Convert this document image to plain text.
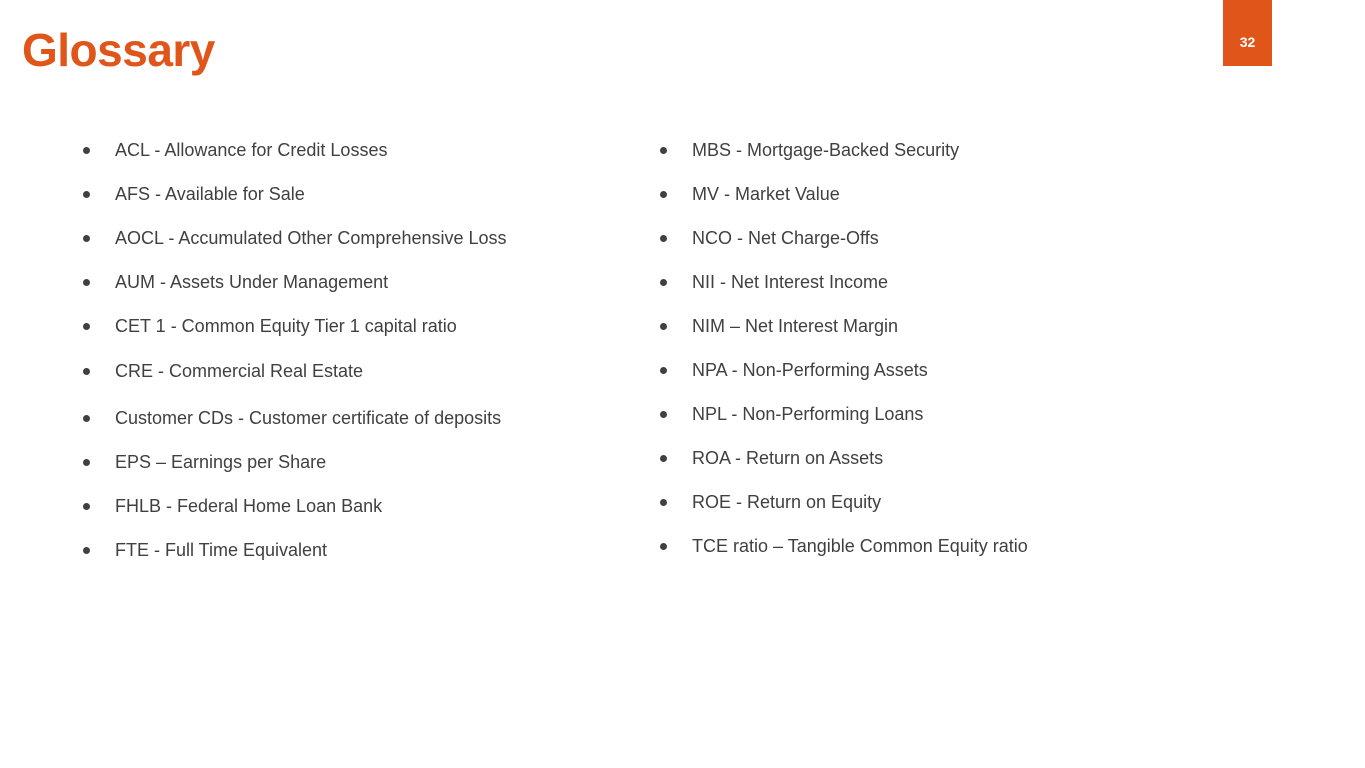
Glossary	32
ACL - Allowance for Credit Losses
AFS - Available for Sale
AOCL - Accumulated Other Comprehensive Loss
AUM - Assets Under Management
CET 1 - Common Equity Tier 1 capital ratio
CRE - Commercial Real Estate
Customer CDs - Customer certificate of deposits
EPS – Earnings per Share
FHLB - Federal Home Loan Bank
FTE - Full Time Equivalent
MBS - Mortgage-Backed Security
MV - Market Value
NCO - Net Charge-Offs
NII - Net Interest Income
NIM – Net Interest Margin
NPA - Non-Performing Assets
NPL - Non-Performing Loans
ROA - Return on Assets
ROE - Return on Equity
TCE ratio – Tangible Common Equity ratio
